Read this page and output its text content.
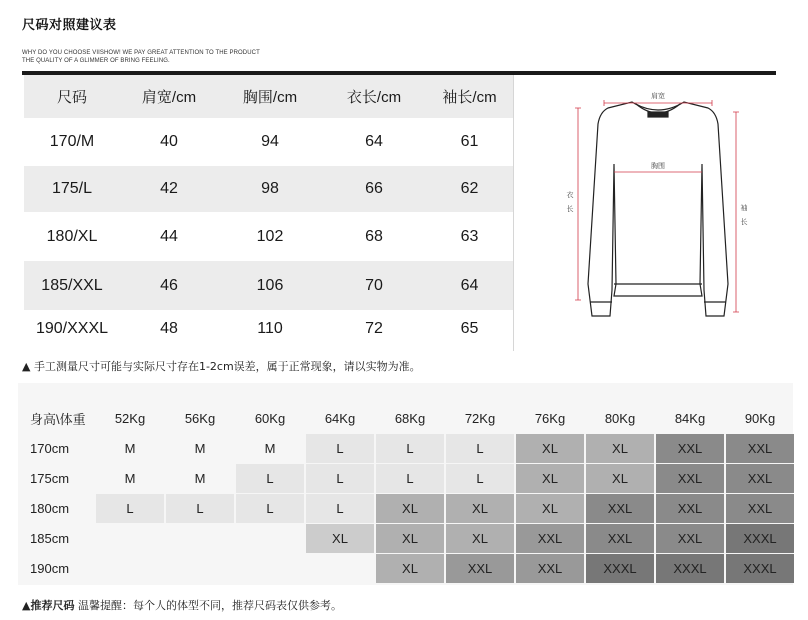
尺码对照建议表
WHY DO YOU CHOOSE VIISHOW! WE PAY GREAT ATTENTION TO THE PRODUCT
THE QUALITY OF A GLIMMER OF BRING FEELING.
尺码	肩宽/cm	胸围/cm	衣长/cm	袖长/cm
170/M	40	94	64	61
175/L	42	98	66	62
180/XL	44	102	68	63
185/XXL	46	106	70	64
190/XXXL	48	110	72	65
肩宽
胸围
衣
长	袖
长
▲ 手工测量尺寸可能与实际尺寸存在1-2cm误差，属于正常现象，请以实物为准。
身高\体重	52Kg	56Kg	60Kg	64Kg	68Kg	72Kg	76Kg	80Kg	84Kg	90Kg
170cm	M	M	M	L	L	L	XL	XL	XXL	XXL
175cm	M	M	L	L	L	L	XL	XL	XXL	XXL
180cm	L	L	L	L	XL	XL	XL	XXL	XXL	XXL
185cm				XL	XL	XL	XXL	XXL	XXL	XXXL
190cm					XL	XXL	XXL	XXXL	XXXL	XXXL
▲推荐尺码 温馨提醒：每个人的体型不同，推荐尺码表仅供参考。
